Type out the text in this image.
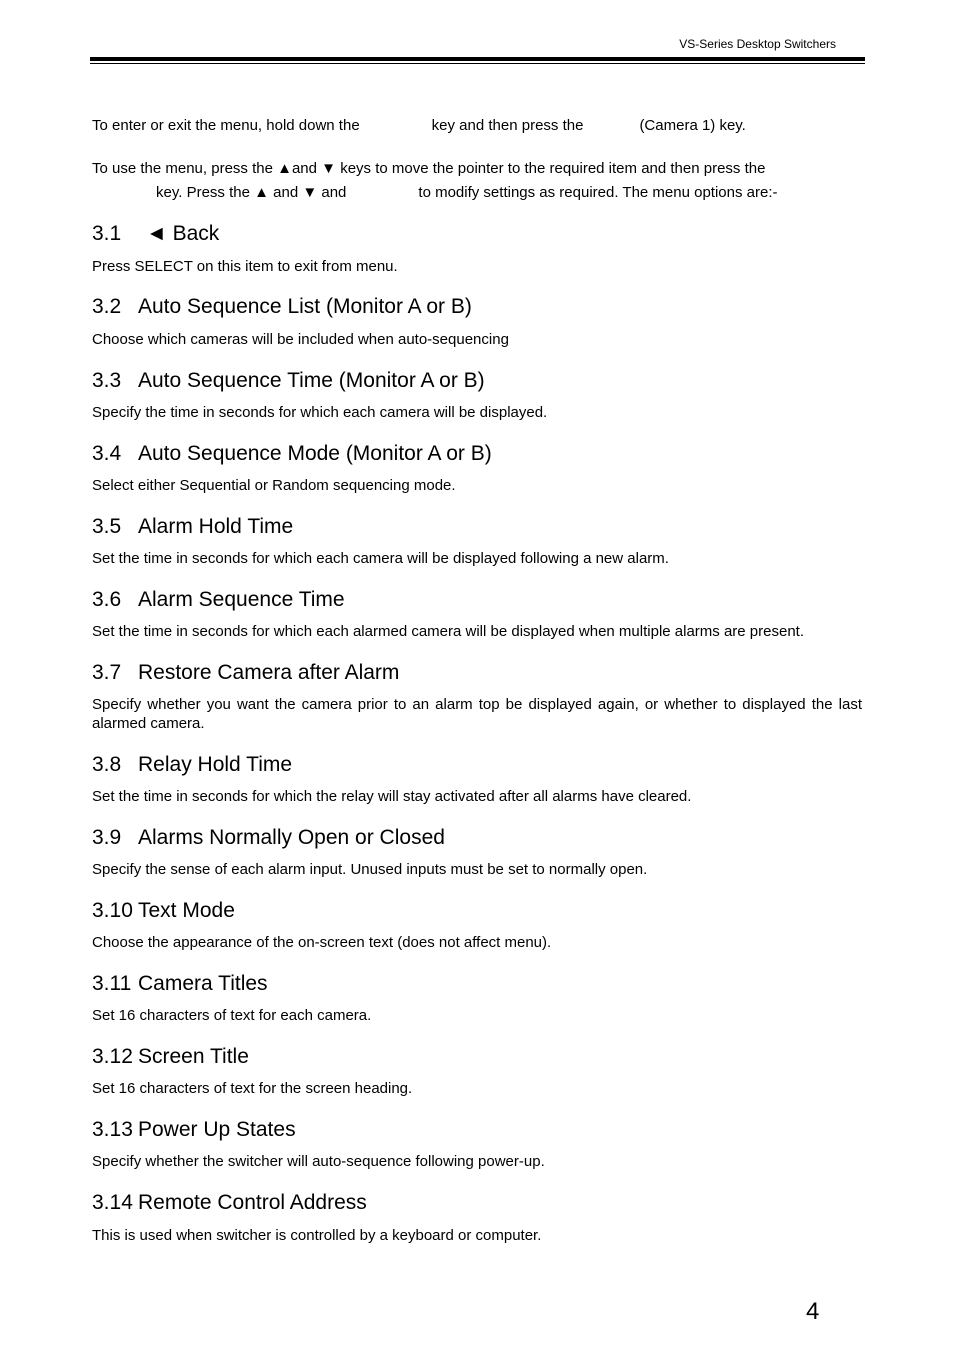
VS-Series Desktop Switchers
To enter or exit the menu, hold down the	key and then press the	(Camera 1) key.
To use the menu, press the ▲and ▼ keys to move the pointer to the required item and then press the
key. Press the ▲ and ▼ and	to modify settings as required. The menu options are:-
3.1 ◄ Back
Press SELECT on this item to exit from menu.
3.2 Auto Sequence List (Monitor A or B)
Choose which cameras will be included when auto-sequencing
3.3 Auto Sequence Time (Monitor A or B)
Specify the time in seconds for which each camera will be displayed.
3.4 Auto Sequence Mode (Monitor A or B)
Select either Sequential or Random sequencing mode.
3.5 Alarm Hold Time
Set the time in seconds for which each camera will be displayed following a new alarm.
3.6 Alarm Sequence Time
Set the time in seconds for which each alarmed camera will be displayed when multiple alarms are present.
3.7 Restore Camera after Alarm
Specify whether you want the camera prior to an alarm top be displayed again, or whether to displayed the last alarmed camera.
3.8 Relay Hold Time
Set the time in seconds for which the relay will stay activated after all alarms have cleared.
3.9 Alarms Normally Open or Closed
Specify the sense of each alarm input. Unused inputs must be set to normally open.
3.10 Text Mode
Choose the appearance of the on-screen text (does not affect menu).
3.11 Camera Titles
Set 16 characters of text for each camera.
3.12 Screen Title
Set 16 characters of text for the screen heading.
3.13 Power Up States
Specify whether the switcher will auto-sequence following power-up.
3.14 Remote Control Address
This is used when switcher is controlled by a keyboard or computer.
4
